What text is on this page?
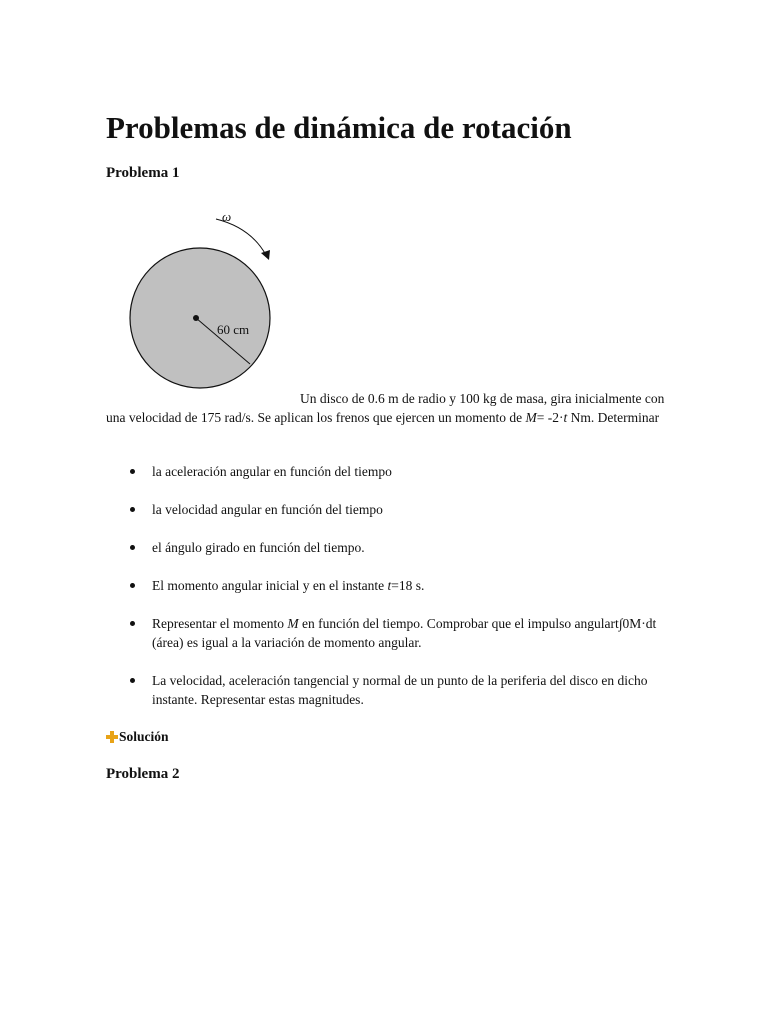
Problemas de dinámica de rotación
Problema 1
ω
60 cm

Un disco de 0.6 m de radio y 100 kg de masa, gira inicialmente con una velocidad de 175 rad/s. Se aplican los frenos que ejercen un momento de M= -2·t Nm. Determinar

la aceleración angular en función del tiempo
la velocidad angular en función del tiempo
el ángulo girado en función del tiempo.
El momento angular inicial y en el instante t=18 s.
Representar el momento M en función del tiempo. Comprobar que el impulso angulart∫0M·dt (área) es igual a la variación de momento angular.
La velocidad, aceleración tangencial y normal de un punto de la periferia del disco en dicho instante. Representar estas magnitudes.
Solución
Problema 2
